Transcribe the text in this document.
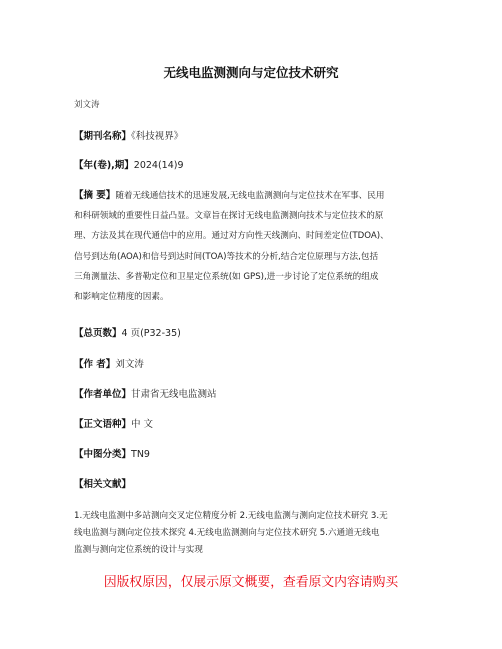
无线电监测测向与定位技术研究
刘文涛
【期刊名称】《科技视界》
【年(卷),期】2024(14)9
【摘 要】随着无线通信技术的迅速发展,无线电监测测向与定位技术在军事、民用
和科研领域的重要性日益凸显。文章旨在探讨无线电监测测向技术与定位技术的原
理、方法及其在现代通信中的应用。通过对方向性天线测向、时间差定位(TDOA)、
信号到达角(AOA)和信号到达时间(TOA)等技术的分析,结合定位原理与方法,包括
三角测量法、多普勒定位和卫星定位系统(如 GPS),进一步讨论了定位系统的组成
和影响定位精度的因素。
【总页数】4 页(P32-35)
【作 者】刘文涛
【作者单位】甘肃省无线电监测站
【正文语种】中 文
【中图分类】TN9
【相关文献】
1.无线电监测中多站测向交叉定位精度分析 2.无线电监测与测向定位技术研究 3.无
线电监测与测向定位技术探究 4.无线电监测测向与定位技术研究 5.六通道无线电
监测与测向定位系统的设计与实现
因版权原因，仅展示原文概要，查看原文内容请购买
